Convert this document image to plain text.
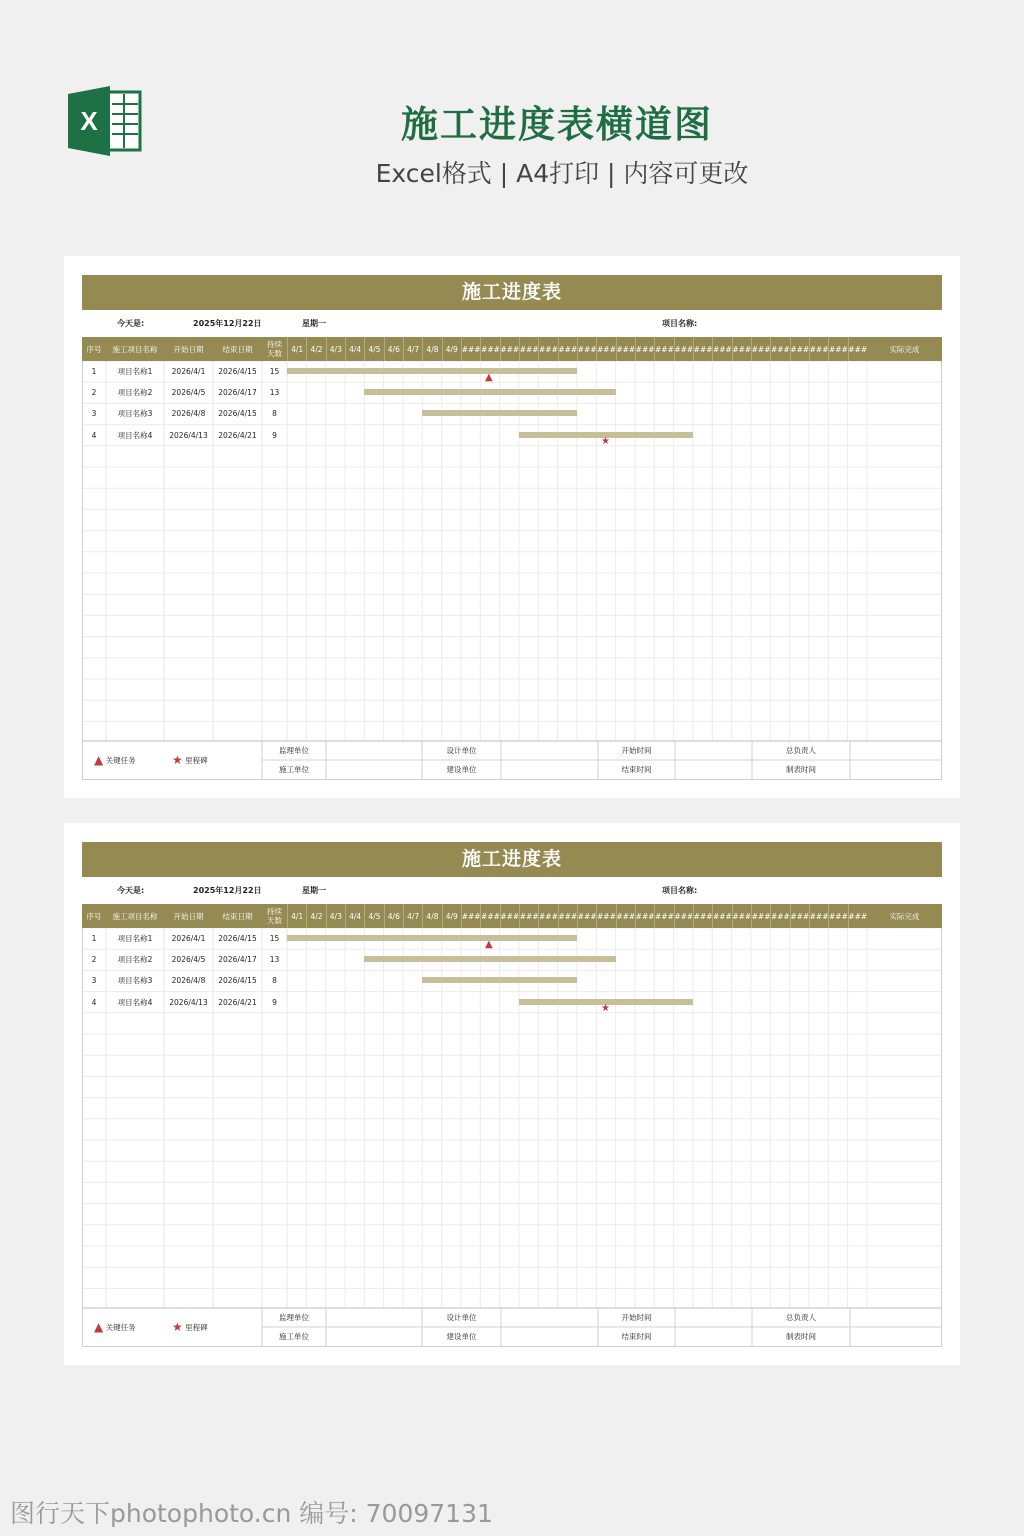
X	施工进度表横道图
Excel格式 | A4打印 | 内容可更改
施工进度表
今天是:	2025年12月22日	星期一	项目名称:
序号	施工项目名称	开始日期	结束日期	持续
天数	4/1 4/2 4/3 4/4 4/5 4/6 4/7 4/8 4/9 ### ### ### ### ### ### ### ### ### ### ### ### ### ### ### ### ### ### ### ### ###	实际完成
1	项目名称1	2026/4/1	2026/4/15	15
▲
2	项目名称2	2026/4/5	2026/4/17	13
3	项目名称3	2026/4/8	2026/4/15	8
4	项目名称4	2026/4/13	2026/4/21	9
★
▲ 关键任务	★ 里程碑
监理单位	设计单位	开始时间	总负责人
施工单位	建设单位	结束时间	制表时间
施工进度表
今天是:	2025年12月22日	星期一	项目名称:
序号	施工项目名称	开始日期	结束日期	持续
天数	4/1 4/2 4/3 4/4 4/5 4/6 4/7 4/8 4/9 ### ### ### ### ### ### ### ### ### ### ### ### ### ### ### ### ### ### ### ### ###	实际完成
1	项目名称1	2026/4/1	2026/4/15	15
▲
2	项目名称2	2026/4/5	2026/4/17	13
3	项目名称3	2026/4/8	2026/4/15	8
4	项目名称4	2026/4/13	2026/4/21	9
★
▲ 关键任务	★ 里程碑
监理单位	设计单位	开始时间	总负责人
施工单位	建设单位	结束时间	制表时间
图行天下photophoto.cn 编号: 70097131
